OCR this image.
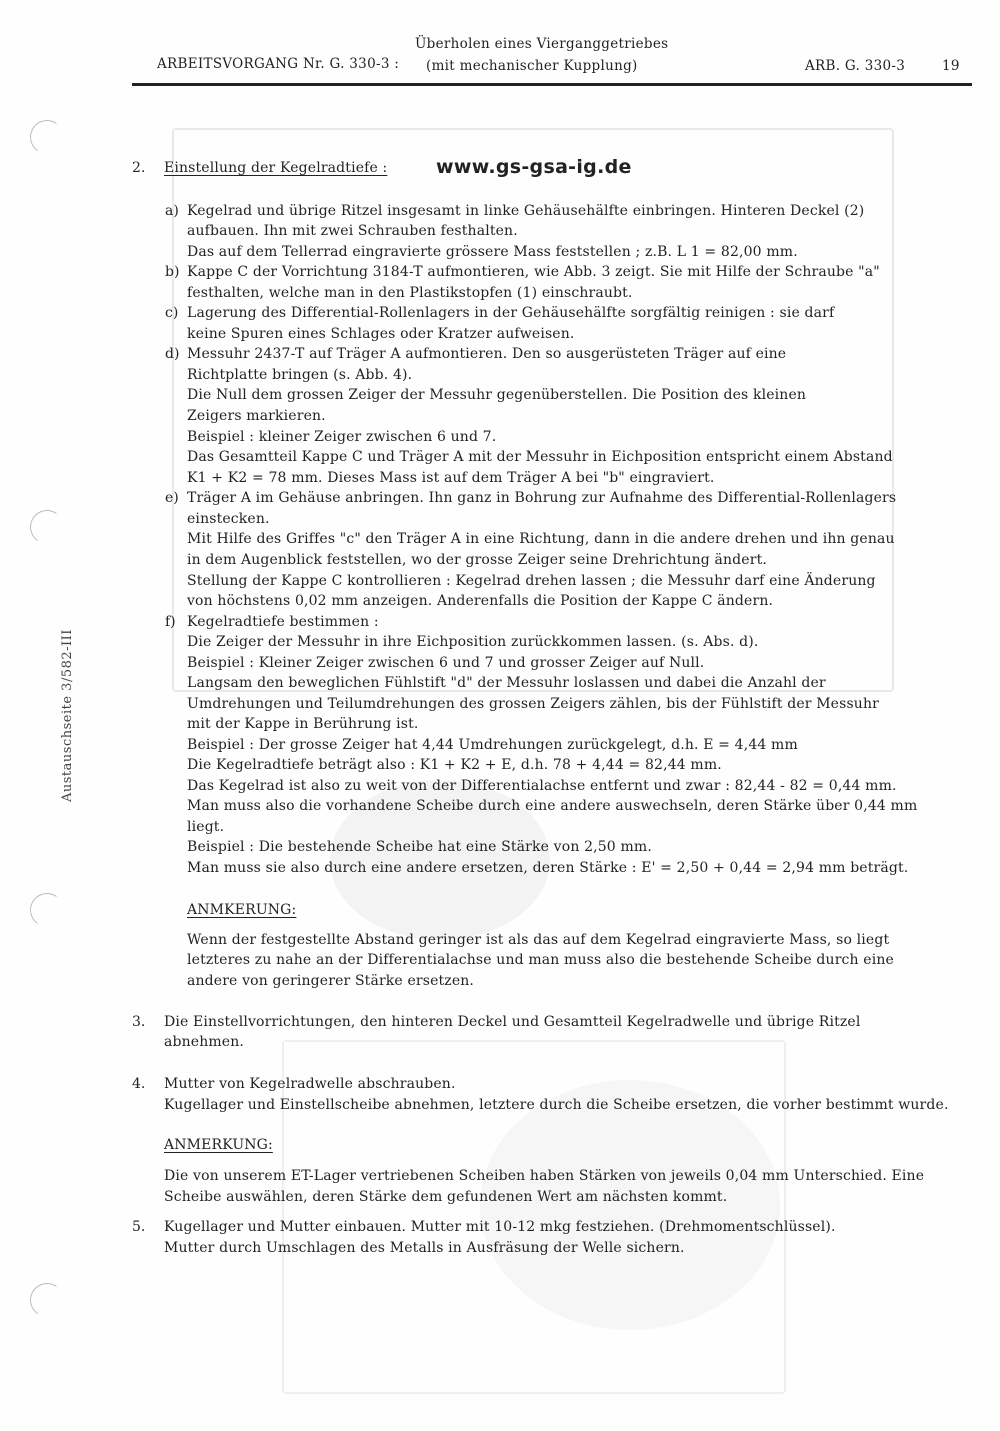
ARBEITSVORGANG Nr. G. 330-3 :
Überholen eines Vierganggetriebes
(mit mechanischer Kupplung)	ARB. G. 330-3	19
Austauschseite 3/582-III
www.gs-gsa-ig.de
2. Einstellung der Kegelradtiefe :
a) Kegelrad und übrige Ritzel insgesamt in linke Gehäusehälfte einbringen. Hinteren Deckel (2)
aufbauen. Ihn mit zwei Schrauben festhalten.
Das auf dem Tellerrad eingravierte grössere Mass feststellen ; z.B. L 1 = 82,00 mm.
b) Kappe C der Vorrichtung 3184-T aufmontieren, wie Abb. 3 zeigt. Sie mit Hilfe der Schraube "a"
festhalten, welche man in den Plastikstopfen (1) einschraubt.
c) Lagerung des Differential-Rollenlagers in der Gehäusehälfte sorgfältig reinigen : sie darf
keine Spuren eines Schlages oder Kratzer aufweisen.
d) Messuhr 2437-T auf Träger A aufmontieren. Den so ausgerüsteten Träger auf eine
Richtplatte bringen (s. Abb. 4).
Die Null dem grossen Zeiger der Messuhr gegenüberstellen. Die Position des kleinen
Zeigers markieren.
Beispiel : kleiner Zeiger zwischen 6 und 7.
Das Gesamtteil Kappe C und Träger A mit der Messuhr in Eichposition entspricht einem Abstand
K1 + K2 = 78 mm. Dieses Mass ist auf dem Träger A bei "b" eingraviert.
e) Träger A im Gehäuse anbringen. Ihn ganz in Bohrung zur Aufnahme des Differential-Rollenlagers
einstecken.
Mit Hilfe des Griffes "c" den Träger A in eine Richtung, dann in die andere drehen und ihn genau
in dem Augenblick feststellen, wo der grosse Zeiger seine Drehrichtung ändert.
Stellung der Kappe C kontrollieren : Kegelrad drehen lassen ; die Messuhr darf eine Änderung
von höchstens 0,02 mm anzeigen. Anderenfalls die Position der Kappe C ändern.
f) Kegelradtiefe bestimmen :
Die Zeiger der Messuhr in ihre Eichposition zurückkommen lassen. (s. Abs. d).
Beispiel : Kleiner Zeiger zwischen 6 und 7 und grosser Zeiger auf Null.
Langsam den beweglichen Fühlstift "d" der Messuhr loslassen und dabei die Anzahl der
Umdrehungen und Teilumdrehungen des grossen Zeigers zählen, bis der Fühlstift der Messuhr
mit der Kappe in Berührung ist.
Beispiel : Der grosse Zeiger hat 4,44 Umdrehungen zurückgelegt, d.h. E = 4,44 mm
Die Kegelradtiefe beträgt also : K1 + K2 + E, d.h. 78 + 4,44 = 82,44 mm.
Das Kegelrad ist also zu weit von der Differentialachse entfernt und zwar : 82,44 - 82 = 0,44 mm.
Man muss also die vorhandene Scheibe durch eine andere auswechseln, deren Stärke über 0,44 mm
liegt.
Beispiel : Die bestehende Scheibe hat eine Stärke von 2,50 mm.
Man muss sie also durch eine andere ersetzen, deren Stärke : E' = 2,50 + 0,44 = 2,94 mm beträgt.
ANMKERUNG:
Wenn der festgestellte Abstand geringer ist als das auf dem Kegelrad eingravierte Mass, so liegt
letzteres zu nahe an der Differentialachse und man muss also die bestehende Scheibe durch eine
andere von geringerer Stärke ersetzen.
3. Die Einstellvorrichtungen, den hinteren Deckel und Gesamtteil Kegelradwelle und übrige Ritzel
abnehmen.
4. Mutter von Kegelradwelle abschrauben.
Kugellager und Einstellscheibe abnehmen, letztere durch die Scheibe ersetzen, die vorher bestimmt wurde.
ANMERKUNG:
Die von unserem ET-Lager vertriebenen Scheiben haben Stärken von jeweils 0,04 mm Unterschied. Eine
Scheibe auswählen, deren Stärke dem gefundenen Wert am nächsten kommt.
5. Kugellager und Mutter einbauen. Mutter mit 10-12 mkg festziehen. (Drehmomentschlüssel).
Mutter durch Umschlagen des Metalls in Ausfräsung der Welle sichern.
